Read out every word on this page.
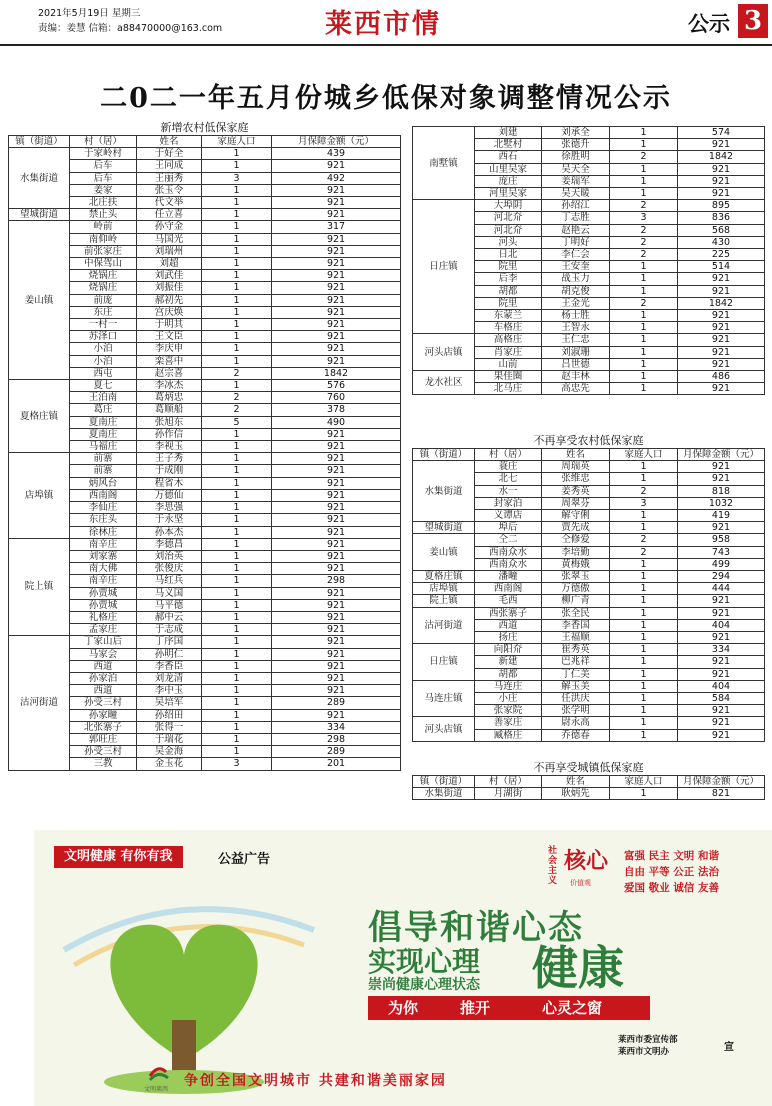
2021年5月19日 星期三
责编：姜慧 信箱：a88470000@163.com	莱西市情	公示 3
二0二一年五月份城乡低保对象调整情况公示
新增农村低保家庭				
镇（街道）	村（居）	姓名	家庭人口	月保障金额（元）
水集街道	于家岭村	于好全	1	439
	后车	王同成	1	921
	后车	王丽秀	3	492
	姜家	张玉令	1	921
	北庄扶	代文举	1	921
望城街道	禁止头	任立喜	1	921
姜山镇	岭前	孙守金	1	317
	南仰岭	马国光	1	921
	前张家庄	刘瑞州	1	921
	中保驾山	刘超	1	921
	烧锅庄	刘武佳	1	921
	烧锅庄	刘振佳	1	921
	前庞	郝初先	1	921
	东庄	宫庆焕	1	921
	一村一	于明其	1	921
	苏泽口	王文臣	1	921
	小泊	李庆申	1	921
	小泊	栾喜中	1	921
	西屯	赵宗喜	2	1842
夏格庄镇	夏七	李冰杰	1	576
	王泊南	葛炳忠	2	760
	葛庄	葛顺船	2	378
	夏南庄	张旭东	5	490
	夏南庄	孙作信	1	921
	马福庄	李视玉	1	921
店埠镇	前寨	王子秀	1	921
	前寨	于成刚	1	921
	炳风台	程省木	1	921
	西南阁	万德仙	1	921
	李仙庄	李思强	1	921
	东庄头	于永坚	1	921
	徐林庄	孙本杰	1	921
院上镇	南辛庄	李德昌	1	921
	刘家寨	刘治英	1	921
	南大佛	张俊庆	1	921
	南辛庄	马红兵	1	298
	孙贾城	马义国	1	921
	孙贾城	马平德	1	921
	礼格庄	郝中云	1	921
	孟家庄	于志成	1	921
沽河街道	丁家山后	丁序国	1	921
	马家会	孙明仁	1	921
	西道	李香臣	1	921
	孙家泊	刘龙清	1	921
	西道	李中玉	1	921
	孙受三村	吴培军	1	289
	孙家疃	孙绍田	1	921
	北张寨子	张得一	1	334
	郭旺庄	于瑞花	1	298
	孙受三村	吴金海	1	289
	三教	金玉花	3	201
南墅镇	刘建	刘承全	1	574
	北墅村	张德升	1	921
	西石	徐胜明	2	1842
	山里吴家	吴天全	1	921
	庞庄	姜瑞军	1	921
	河里吴家	吴天暖	1	921
日庄镇	大埠阴	孙绍江	2	895
	河北夼	丁志胜	3	836
	河北夼	赵艳云	2	568
	河头	丁明好	2	430
	日北	李仁会	2	225
	院里	王安奎	1	514
	后李	战玉力	1	921
	胡都	胡克俊	1	921
	院里	王金光	2	1842
	东蒙兰	杨士胜	1	921
	车格庄	王智永	1	921
河头店镇	高格庄	王仁忠	1	921
	肖家庄	刘淑珊	1	921
	山前	吕世德	1	921
龙水社区	果佳圈	赵丰林	1	486
	北马庄	高忠先	1	921
不再享受农村低保家庭				
镇（街道）	村（居）	姓名	家庭人口	月保障金额（元）
水集街道	蓑庄	周瑞英	1	921
	北七	张维忠	1	921
	水一	姜秀英	2	818
	封家泊	周翠芬	3	1032
	义谭店	解守俐	1	419
望城街道	埠后	贾先成	1	921
姜山镇	仝二	仝修爱	2	958
	西南众水	李培勤	2	743
	西南众水	黄梅娥	1	499
夏格庄镇	潘疃	张翠玉	1	294
店埠镇	西南阁	万德傲	1	444
院上镇	毛西	柳广青	1	921
沽河街道	西张寨子	张全民	1	921
	西道	李香国	1	404
	扬庄	王福顺	1	921
日庄镇	向阳夼	崔秀英	1	334
	新建	巴兆祥	1	921
	胡都	丁仁美	1	921
马连庄镇	马连庄	解玉美	1	404
	小庄	任洪庆	1	584
	张家院	张学明	1	921
河头店镇	善家庄	尉永高	1	921
	臧格庄	乔德春	1	921
不再享受城镇低保家庭				
镇（街道）	村（居）	姓名	家庭人口	月保障金额（元）
水集街道	月湖街	耿炳先	1	821
文明健康 有你有我	公益广告
社会主义
核心
价值观
富强 民主 文明 和谐
自由 平等 公正 法治
爱国 敬业 诚信 友善
倡导和谐心态
实现心理 健康
崇尚健康心理状态
为你	推开	心灵之窗
莱西市委宣传部
莱西市文明办	宣
文明莱西
争创全国文明城市 共建和谐美丽家园
